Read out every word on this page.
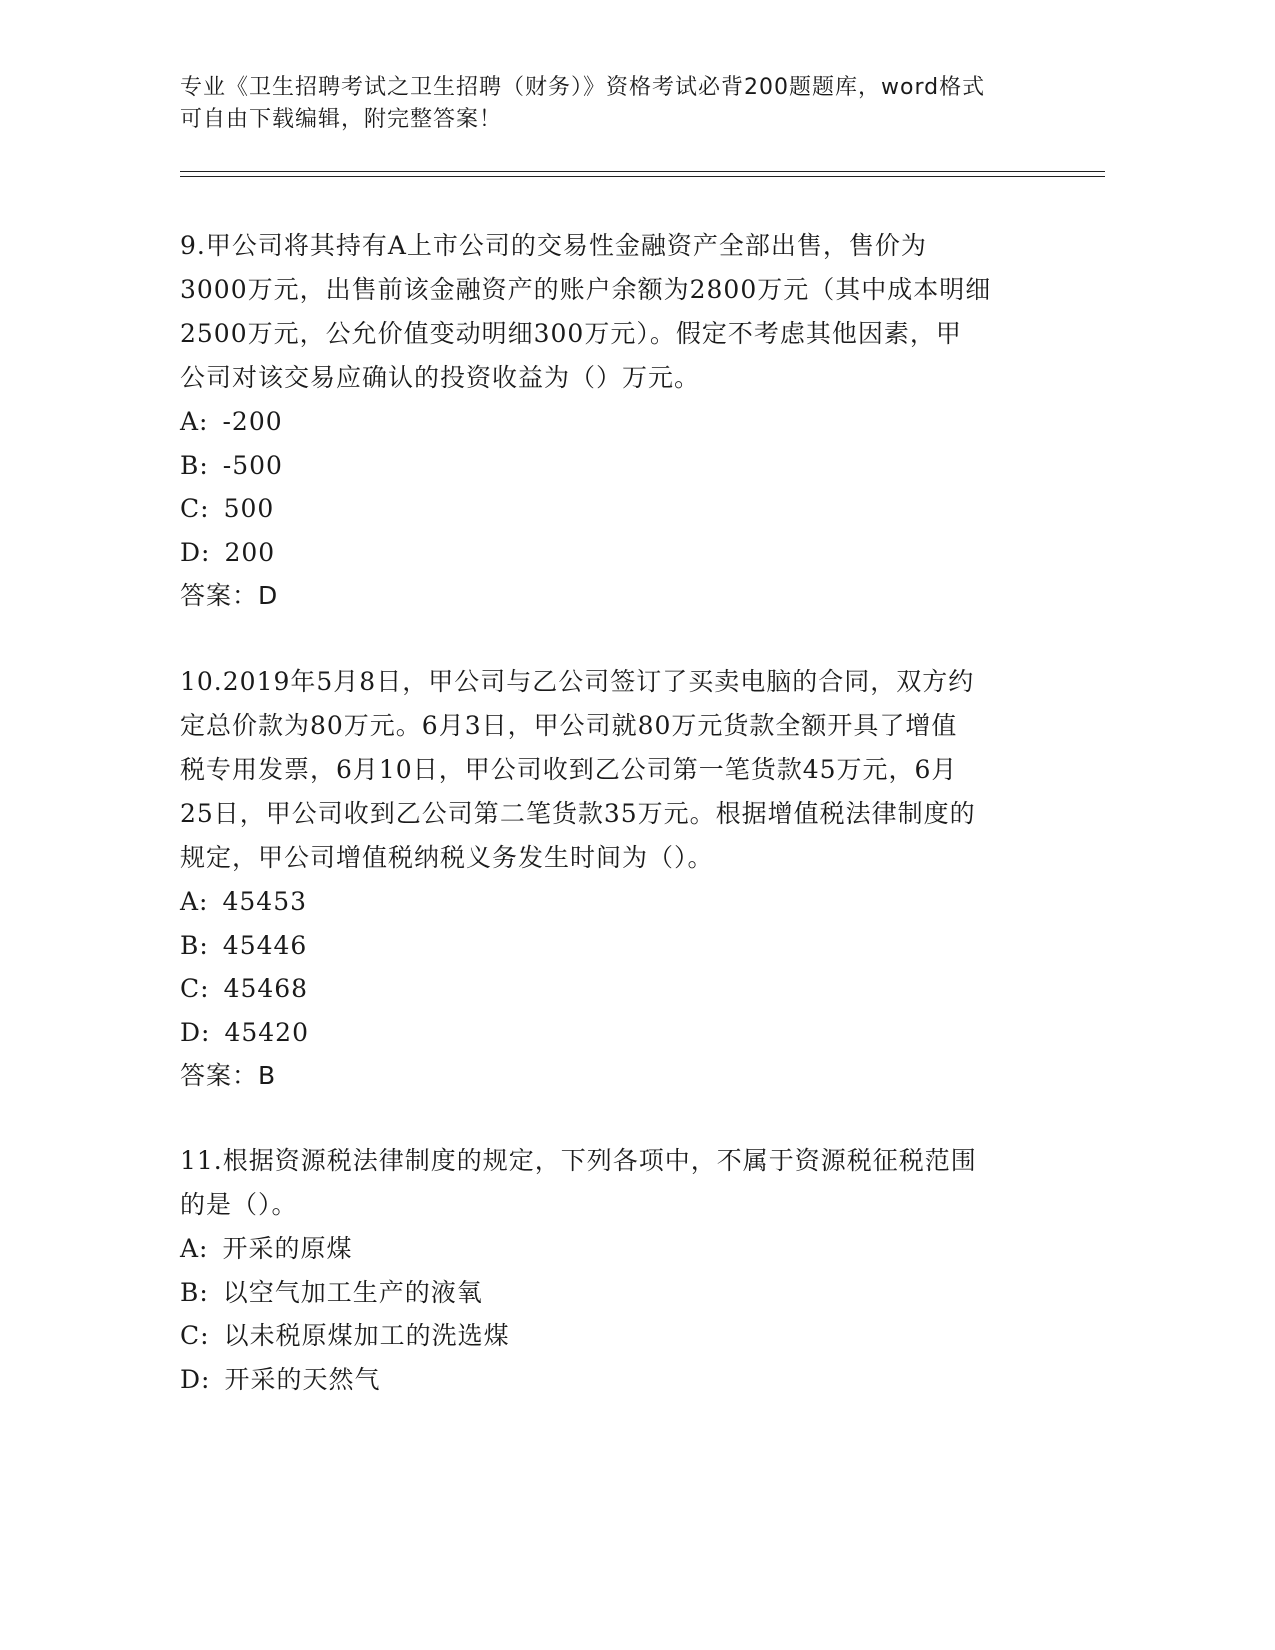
专业《卫生招聘考试之卫生招聘（财务）》资格考试必背200题题库，word格式
可自由下载编辑，附完整答案！

9.甲公司将其持有A上市公司的交易性金融资产全部出售，售价为
3000万元，出售前该金融资产的账户余额为2800万元（其中成本明细
2500万元，公允价值变动明细300万元）。假定不考虑其他因素，甲
公司对该交易应确认的投资收益为（）万元。

A: -200
B: -500
C: 500
D: 200
答案：D

10.2019年5月8日，甲公司与乙公司签订了买卖电脑的合同，双方约
定总价款为80万元。6月3日，甲公司就80万元货款全额开具了增值
税专用发票，6月10日，甲公司收到乙公司第一笔货款45万元，6月
25日，甲公司收到乙公司第二笔货款35万元。根据增值税法律制度的
规定，甲公司增值税纳税义务发生时间为（）。

A: 45453
B: 45446
C: 45468
D: 45420
答案：B

11.根据资源税法律制度的规定，下列各项中，不属于资源税征税范围
的是（）。

A: 开采的原煤
B: 以空气加工生产的液氧
C: 以未税原煤加工的洗选煤
D: 开采的天然气
